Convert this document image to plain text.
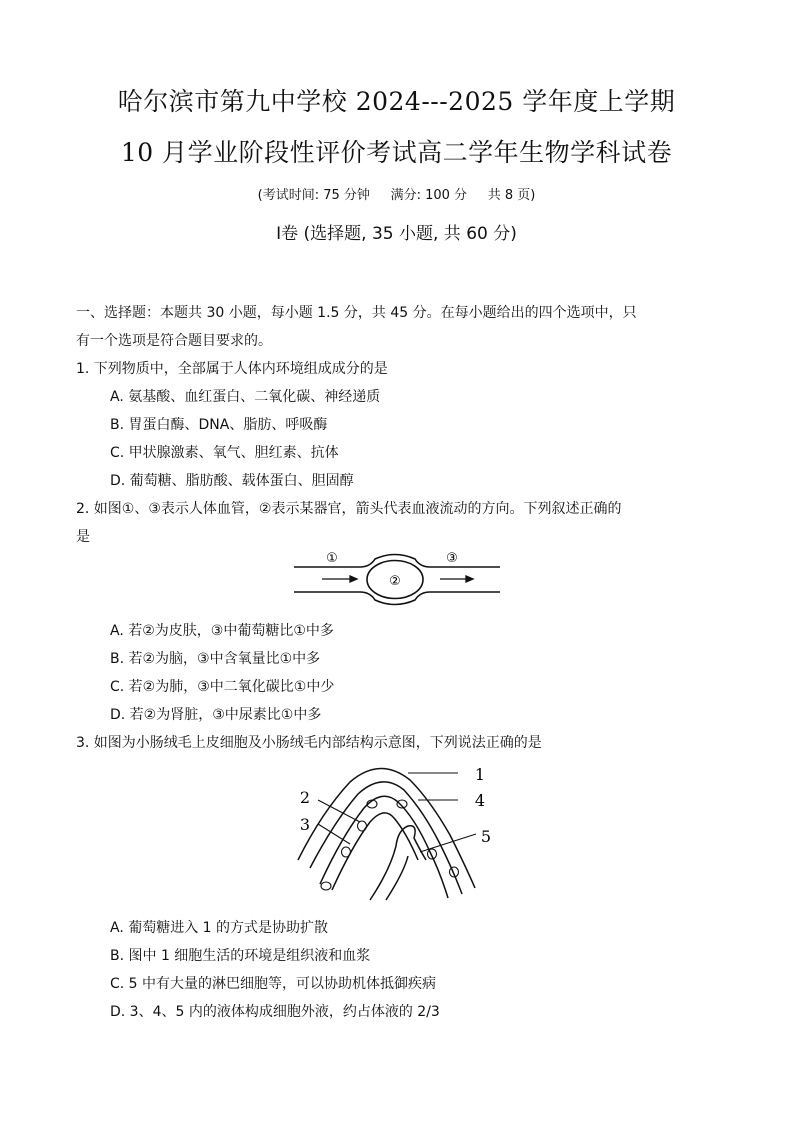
哈尔滨市第九中学校 2024---2025 学年度上学期
10 月学业阶段性评价考试高二学年生物学科试卷
(考试时间: 75 分钟     满分: 100 分     共 8 页)
Ⅰ卷 (选择题, 35 小题, 共 60 分)
一、选择题：本题共 30 小题，每小题 1.5 分，共 45 分。在每小题给出的四个选项中，只
有一个选项是符合题目要求的。
1. 下列物质中，全部属于人体内环境组成成分的是
A. 氨基酸、血红蛋白、二氧化碳、神经递质
B. 胃蛋白酶、DNA、脂肪、呼吸酶
C. 甲状腺激素、氧气、胆红素、抗体
D. 葡萄糖、脂肪酸、载体蛋白、胆固醇
2. 如图①、③表示人体血管，②表示某器官，箭头代表血液流动的方向。下列叙述正确的
是
①
②
③
A. 若②为皮肤，③中葡萄糖比①中多
B. 若②为脑，③中含氧量比①中多
C. 若②为肺，③中二氧化碳比①中少
D. 若②为肾脏，③中尿素比①中多
3. 如图为小肠绒毛上皮细胞及小肠绒毛内部结构示意图，下列说法正确的是
1
2
3
4
5
A. 葡萄糖进入 1 的方式是协助扩散
B. 图中 1 细胞生活的环境是组织液和血浆
C. 5 中有大量的淋巴细胞等，可以协助机体抵御疾病
D. 3、4、5 内的液体构成细胞外液，约占体液的 2/3
